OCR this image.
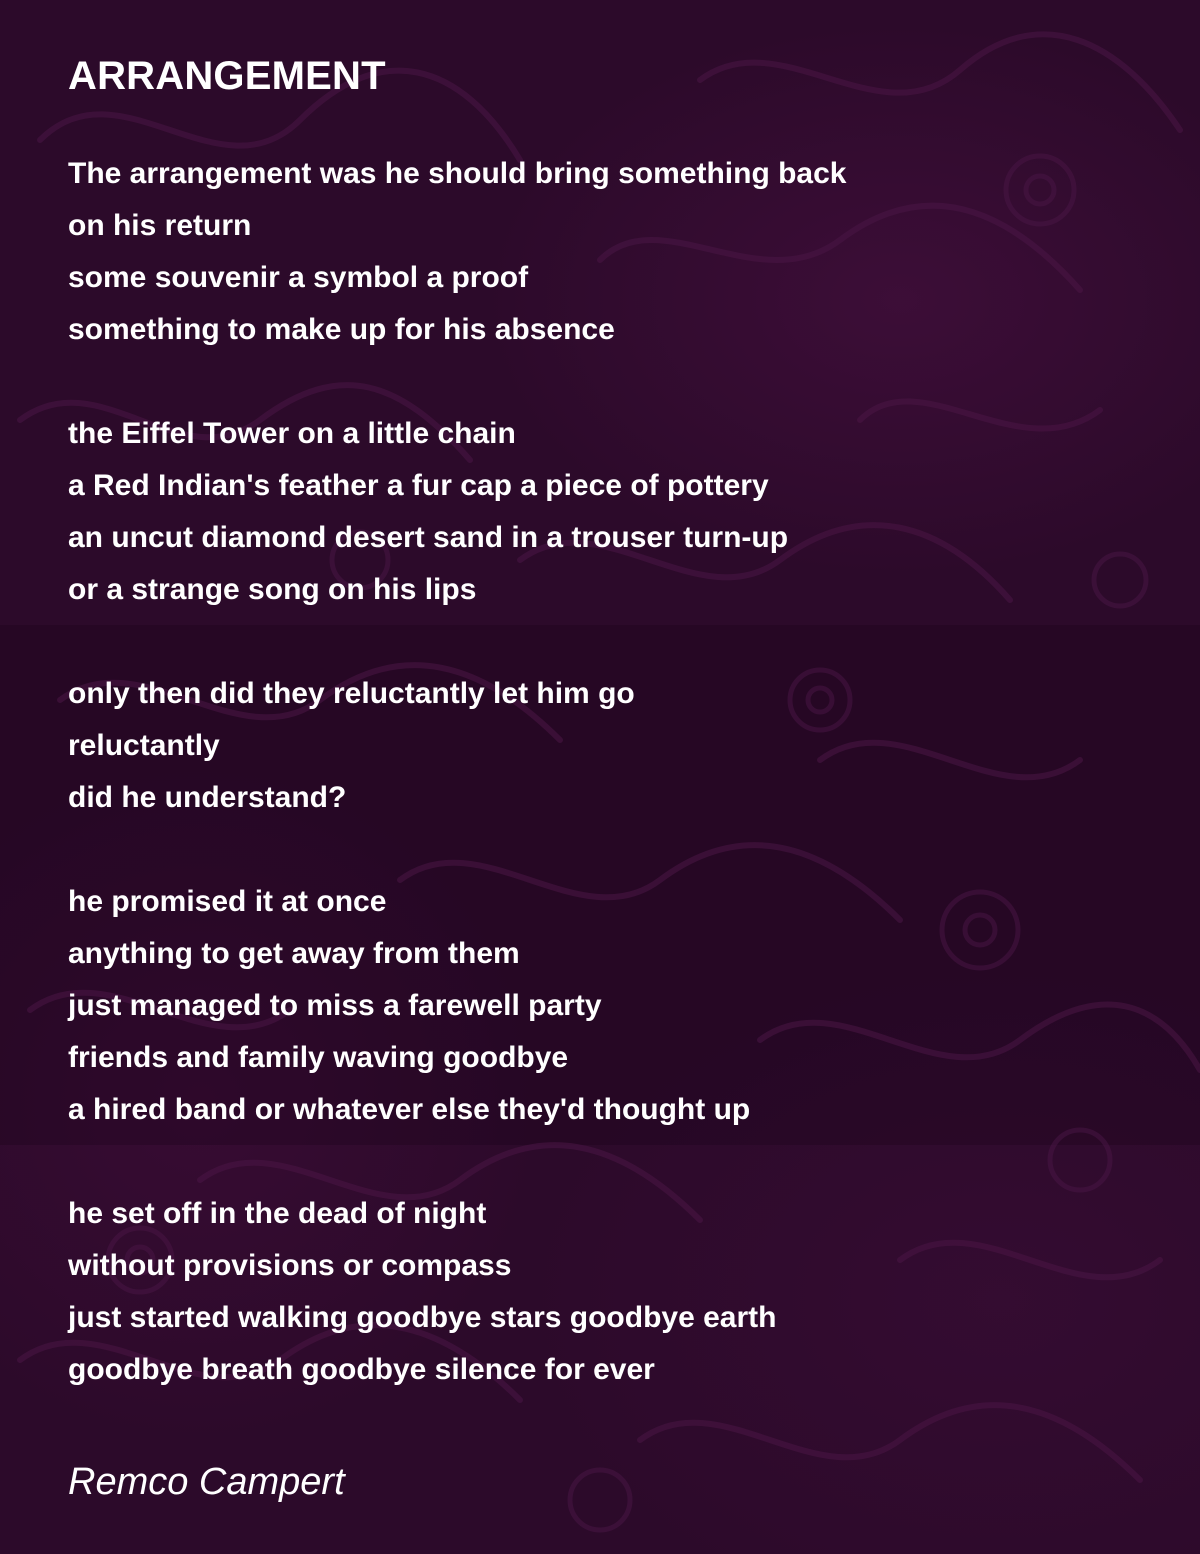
ARRANGEMENT
The arrangement was he should bring something back
on his return
some souvenir a symbol a proof
something to make up for his absence
the Eiffel Tower on a little chain
a Red Indian's feather a fur cap a piece of pottery
an uncut diamond desert sand in a trouser turn-up
or a strange song on his lips
only then did they reluctantly let him go
reluctantly
did he understand?
he promised it at once
anything to get away from them
just managed to miss a farewell party
friends and family waving goodbye
a hired band or whatever else they'd thought up
he set off in the dead of night
without provisions or compass
just started walking goodbye stars goodbye earth
goodbye breath goodbye silence for ever
Remco Campert
